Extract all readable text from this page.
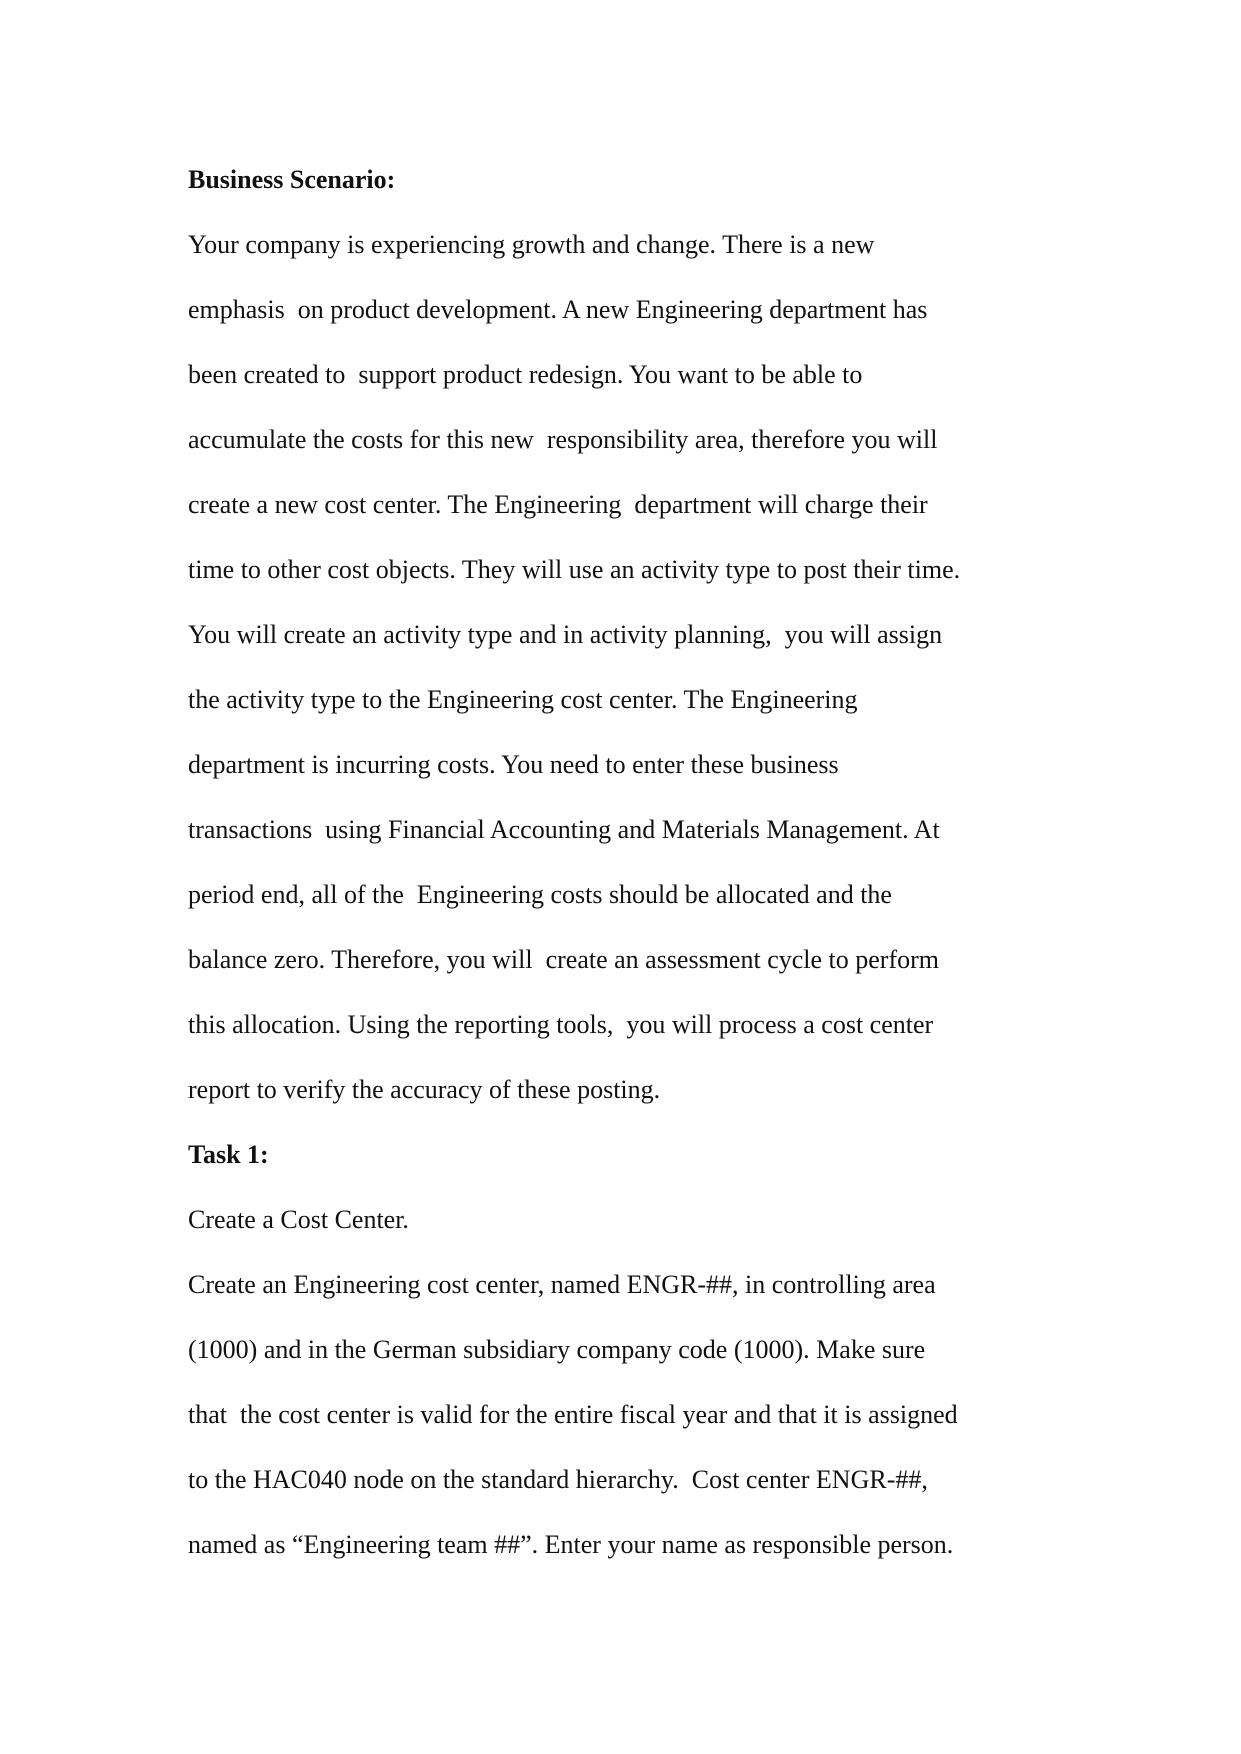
Business Scenario:
Your company is experiencing growth and change. There is a new
emphasis  on product development. A new Engineering department has
been created to  support product redesign. You want to be able to
accumulate the costs for this new  responsibility area, therefore you will
create a new cost center. The Engineering  department will charge their
time to other cost objects. They will use an activity type to post their time.
You will create an activity type and in activity planning,  you will assign
the activity type to the Engineering cost center. The Engineering
department is incurring costs. You need to enter these business
transactions  using Financial Accounting and Materials Management. At
period end, all of the  Engineering costs should be allocated and the
balance zero. Therefore, you will  create an assessment cycle to perform
this allocation. Using the reporting tools,  you will process a cost center
report to verify the accuracy of these posting.
Task 1:
Create a Cost Center.
Create an Engineering cost center, named ENGR-##, in controlling area
(1000) and in the German subsidiary company code (1000). Make sure
that  the cost center is valid for the entire fiscal year and that it is assigned
to the HAC040 node on the standard hierarchy.  Cost center ENGR-##,
named as “Engineering team ##”. Enter your name as responsible person.
